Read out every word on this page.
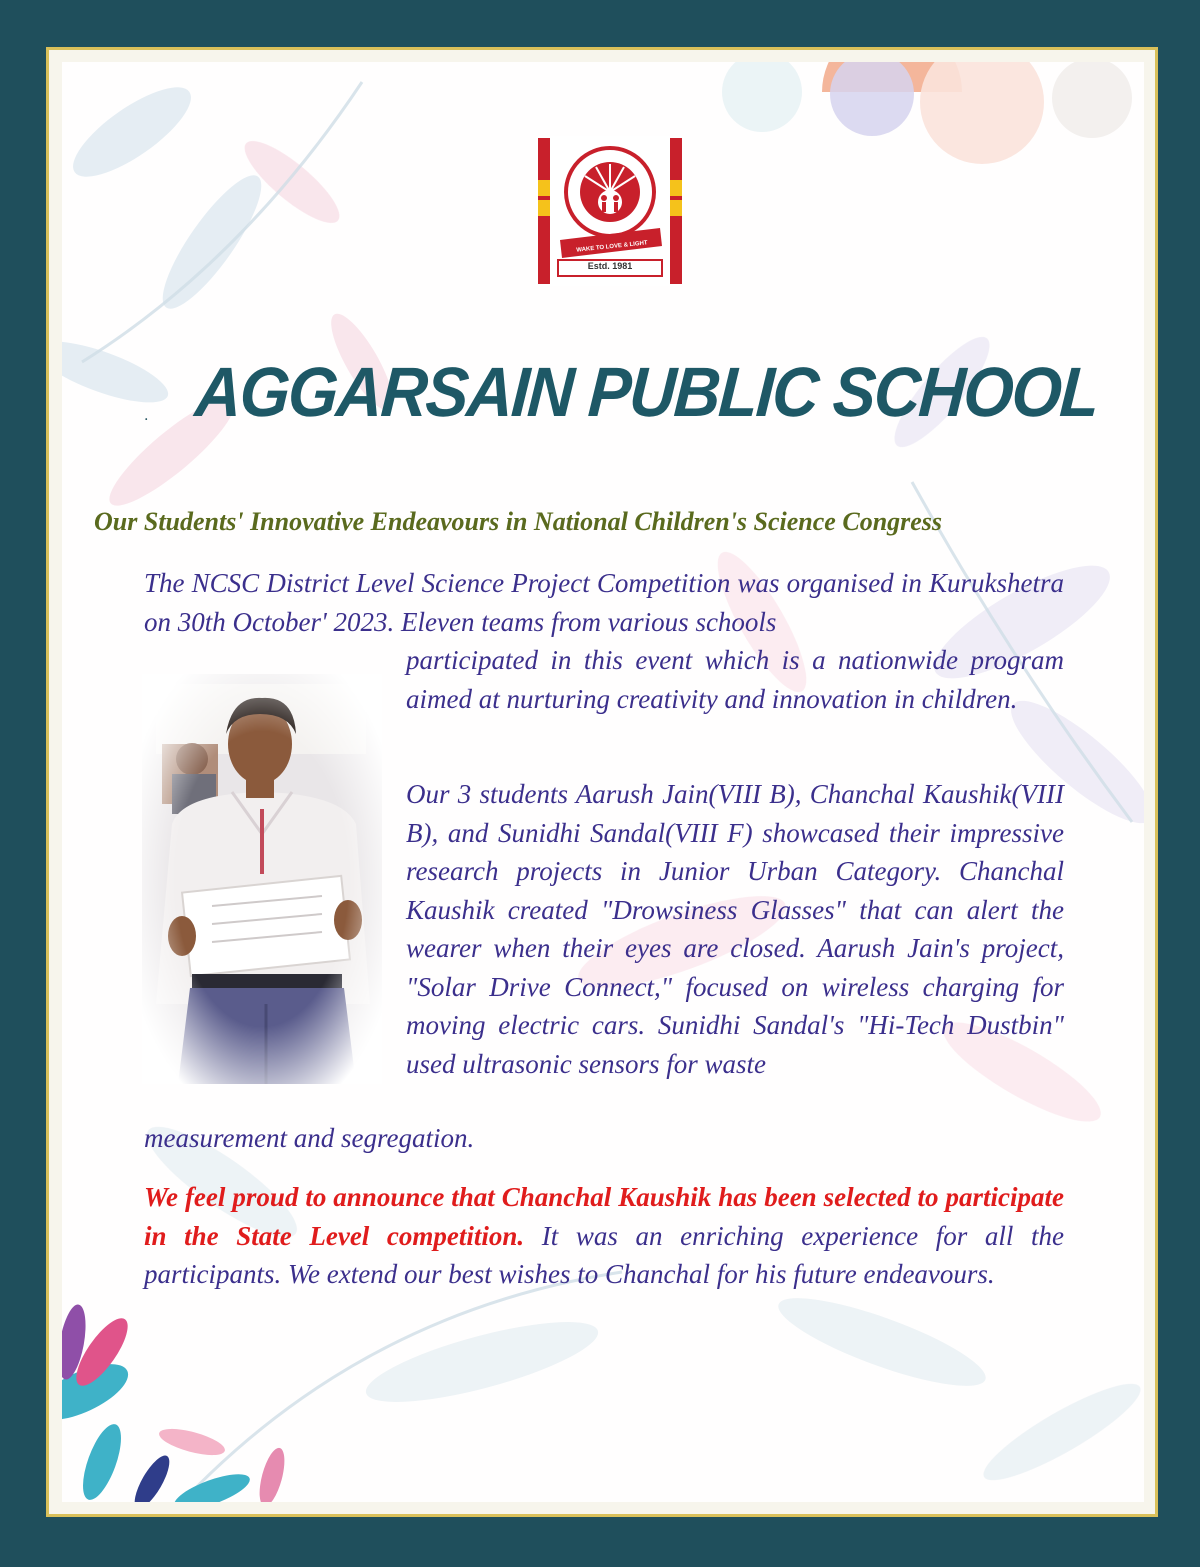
WAKE TO LOVE & LIGHT
Estd. 1981
. AGGARSAIN PUBLIC SCHOOL
Our Students' Innovative Endeavours in National Children's Science Congress

The NCSC District Level Science Project Competition was organised in Kurukshetra on 30th October' 2023. Eleven teams from various schools

participated in this event which is a nationwide program aimed at nurturing creativity and innovation in children.

Our 3 students Aarush Jain(VIII B), Chanchal Kaushik(VIII B), and Sunidhi Sandal(VIII F) showcased their impressive research projects in Junior Urban Category. Chanchal Kaushik created "Drowsiness Glasses" that can alert the wearer when their eyes are closed. Aarush Jain's project, "Solar Drive Connect," focused on wireless charging for moving electric cars. Sunidhi Sandal's "Hi-Tech Dustbin" used ultrasonic sensors for waste

measurement and segregation.

We feel proud to announce that Chanchal Kaushik has been selected to participate in the State Level competition. It was an enriching experience for all the participants. We extend our best wishes to Chanchal for his future endeavours.
